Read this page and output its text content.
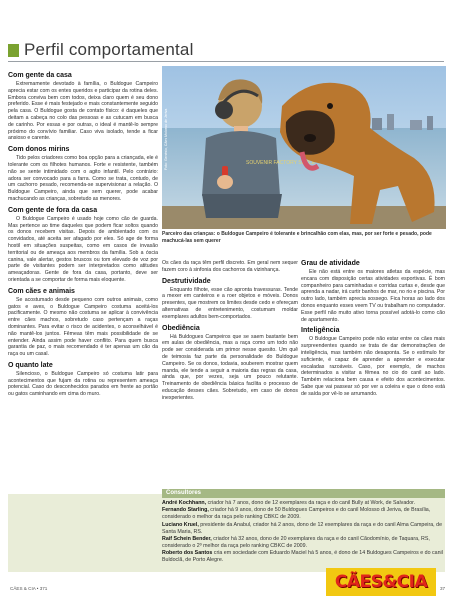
Perfil comportamental
Com gente da casa

Extremamente devotado à família, o Buldogue Campeiro aprecia estar com os entes queridos e participar da rotina deles. Embora conviva bem com todos, deixa claro quem é seu dono preferido. Esse é mais festejado e mais constantemente seguido pela casa. O Buldogue gosta de contato físico: é daqueles que deitam a cabeça no colo das pessoas e as cutucam em busca de carinho. Por essas e por outras, o ideal é mantê-lo sempre próximo do convívio familiar. Caso viva isolado, tende a ficar ansioso e carente.

Com donos mirins

Tido pelos criadores como boa opção para a criançada, ele é tolerante com os filhotes humanos. Forte e resistente, também não se sente intimidado com o agito infantil. Pelo contrário: adora ser convocado para a farra. Como se trata, contudo, de um cachorro pesado, recomenda-se supervisionar a relação. O Buldogue Campeiro, ainda que sem querer, pode acabar machucando as crianças, sobretudo as menores.

Com gente de fora da casa

O Buldogue Campeiro é usado hoje como cão de guarda. Mas pertence ao time daqueles que podem ficar soltos quando os donos recebem visitas. Depois de ambientado com os convidados, até aceita ser afagado por eles. Só age de forma hostil em situações suspeitas, como em casos de invasão territorial ou de ameaça aos membros da família. Sob a óscia canina, vale alertar, gestos bruscos ou tom elevado de voz por parte de visitantes podem ser interpretados como atitudes ameaçadoras. Gente de fora da casa, portanto, deve ser orientada a se comportar de forma mais eloquente.

Com cães e animais

Se acostumado desde pequeno com outros animais, como gatos e aves, o Buldogue Campeiro costuma aceitá-los pacificamente. O mesmo não costuma se aplicar à convivência entre cães machos, sobretudo caso pertençam a raças dominantes. Para evitar o risco de acidentes, o aconselhável é não mantê-los juntos. Fêmeas têm mais possibilidade de se entender. Ainda assim pode haver conflito. Para quem busca garantia de paz, o mais recomendado é ter apenas um cão da raça ou um casal.

O quanto late

Silencioso, o Buldogue Campeiro só costuma latir para acontecimentos que fujam da rotina ou representem ameaça potencial. Caso do desconhecidos parados em frente ao portão ou gatos caminhando em cima do muro.

SOUVENIR FACTORY SIZZLE
Foto: Genésio, Cães Molosso de Jeriva
Parceiro das crianças: o Buldogue Campeiro é tolerante e brincalhão com elas, mas, por ser forte e pesado, pode machucá-las sem querer

Os cães da raça têm perfil discreto. Em geral nem sequer fazem coro à sinfonia dos cachorros da vizinhança.

Destrutividade

Enquanto filhote, esse cão apronta travessuras. Tende a mexer em canteiros e a roer objetos e móveis. Donos presentes, que mostrem os limites desde cedo e ofereçam alternativas de entretenimento, costumam moldar exemplares adultos bem-comportados.

Obediência

Há Buldogues Campeiros que se saem bastante bem em aulas de obediência, mas a raça como um todo não pode ser considerada um primor nesse quesito. Um quê de teimosia faz parte da personalidade do Buldogue Campeiro. Se os donos, todavia, souberem mostrar quem manda, ele tende a seguir a maioria das regras da casa, ainda que, por vezes, seja um pouco relutante. Treinamento de obediência básica facilita o processo de educação desses cães. Sobretudo, em caso de donos inexperientes.

Grau de atividade

Ele não está entre os maiores atletas da espécie, mas encara com disposição certas atividades esportivas. É bom companheiro para caminhadas e corridas curtas e, desde que aprenda a nadar, irá curtir banhos de mar, no rio e piscina. Por outro lado, também aprecia sossego. Fica horas ao lado dos donos enquanto esses veem TV ou trabalham no computador. Esse perfil não muito ativo torna possível adotá-lo como cão de apartamento.

Inteligência

O Buldogue Campeiro pode não estar entre os cães mais surpreendentes quando se trata de dar demonstrações de inteligência, mas também não desaponta. Se o estímulo for suficiente, é capaz de aprender a aprender e executar escaladas razoáveis. Caso, por exemplo, de machos determinados a visitar a fêmea no cio do canil ao lado. Também relaciona bem causa e efeito dos acontecimentos. Sabe que vai passear só por ver a coleira e que o dono está de saída por vê-lo se arrumando.

Consultores

André Kochhann, criador há 7 anos, dono de 12 exemplares da raça e do canil Bully at Work, de Salvador.

Fernando Starling, criador há 9 anos, dono de 50 Buldogues Campeiros e do canil Molosso di Jeriva, de Brasília, considerado o melhor da raça pelo ranking CBKC de 2009.

Luciano Kruel, presidente da Anabul, criador há 2 anos, dono de 12 exemplares da raça e do canil Alma Campeira, de Santa Maria, RS.

Raif Schein Bender, criador há 32 anos, dono de 20 exemplares da raça e do canil Cãodomínio, de Taquara, RS, considerado o 2º melhor da raça pelo ranking CBKC de 2009.

Roberto dos Santos cria em sociedade com Eduardo Maciel há 5 anos, é dono de 14 Buldogues Campeiros e do canil Buldoclã, de Porto Alegre.

CÃES & CIA • 371	CÃES&CIA	37
